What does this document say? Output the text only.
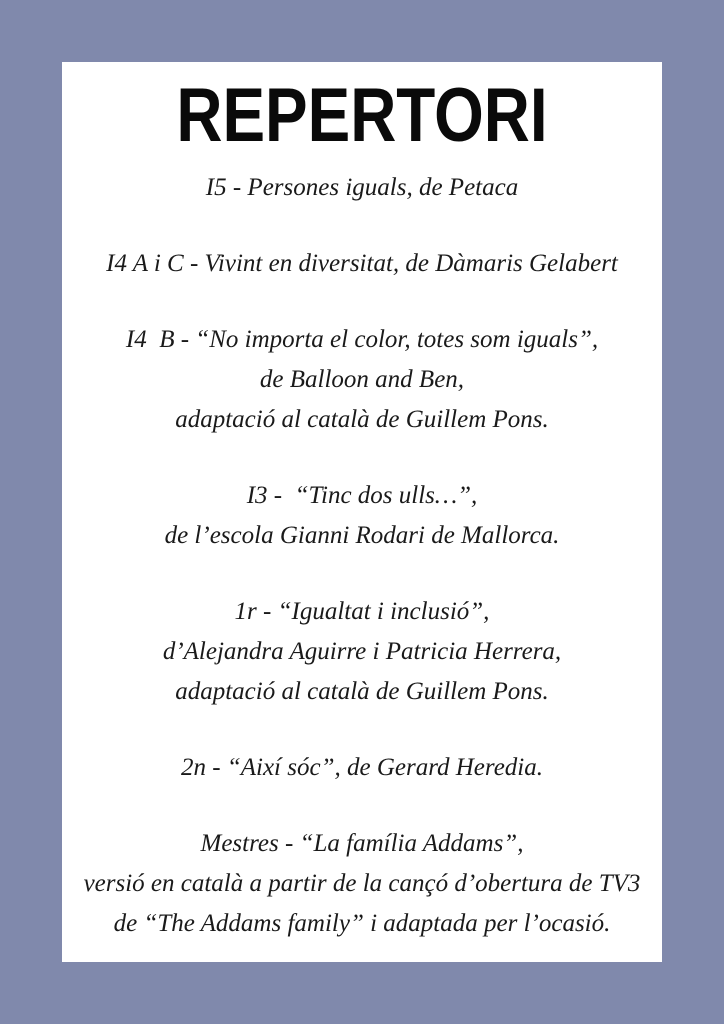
REPERTORI
I5 - Persones iguals, de Petaca
I4 A i C - Vivint en diversitat, de Dàmaris Gelabert
I4  B - “No importa el color, totes som iguals”,
de Balloon and Ben,
adaptació al català de Guillem Pons.
I3 -  “Tinc dos ulls…”,
de l’escola Gianni Rodari de Mallorca.
1r - “Igualtat i inclusió”,
d’Alejandra Aguirre i Patricia Herrera,
adaptació al català de Guillem Pons.
2n - “Així sóc”, de Gerard Heredia.
Mestres - “La família Addams”,
versió en català a partir de la cançó d’obertura de TV3
de “The Addams family” i adaptada per l’ocasió.
